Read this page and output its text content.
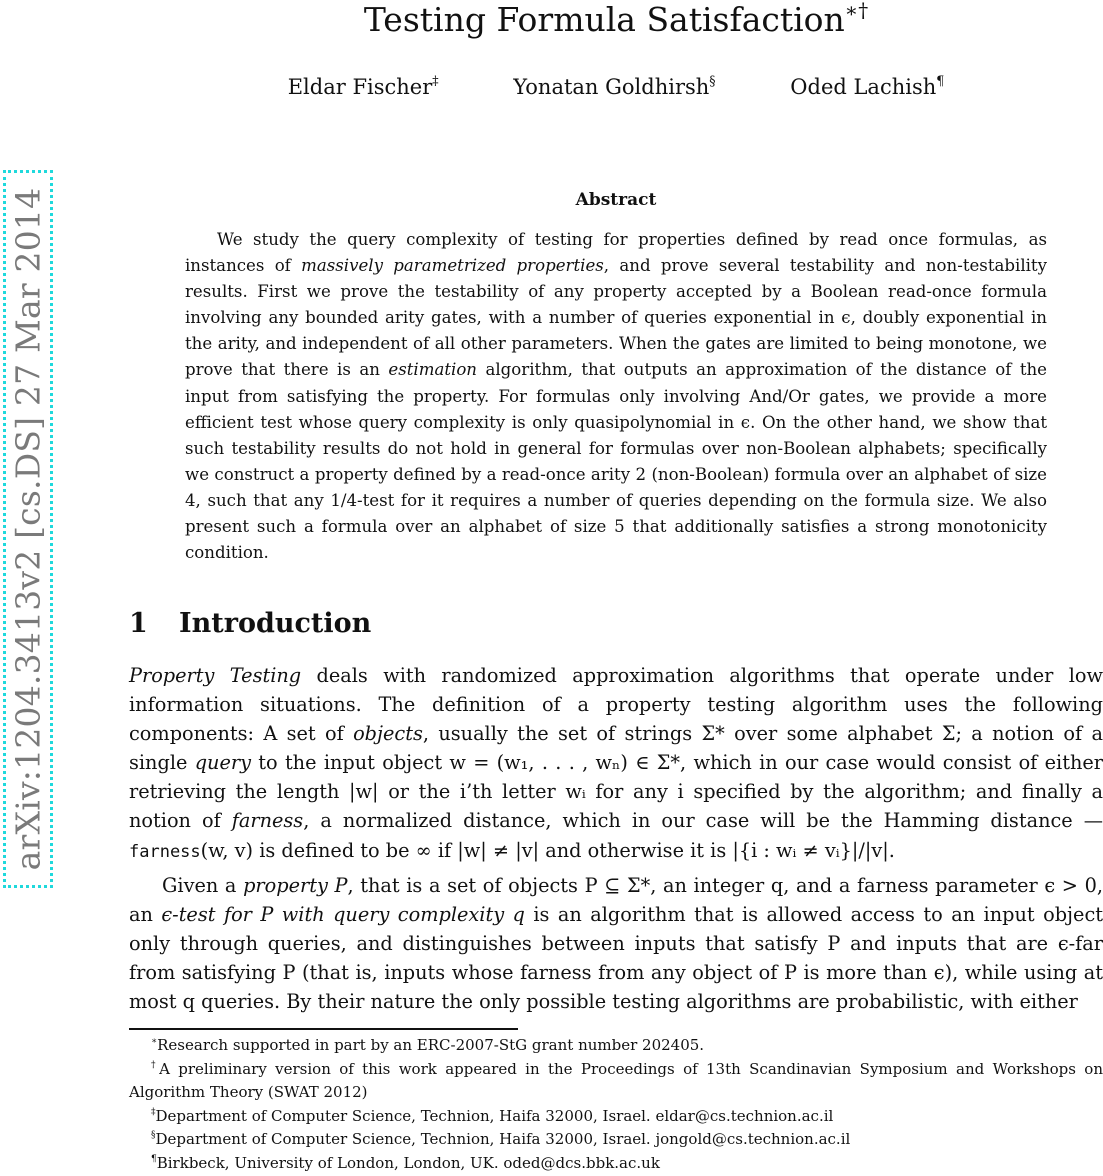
Testing Formula Satisfaction∗†
Eldar Fischer‡	Yonatan Goldhirsh§	Oded Lachish¶
arXiv:1204.3413v2 [cs.DS] 27 Mar 2014	Abstract
We study the query complexity of testing for properties defined by read once formulas, as instances of massively parametrized properties, and prove several testability and non-testability results. First we prove the testability of any property accepted by a Boolean read-once formula involving any bounded arity gates, with a number of queries exponential in ϵ, doubly exponential in the arity, and independent of all other parameters. When the gates are limited to being monotone, we prove that there is an estimation algorithm, that outputs an approximation of the distance of the input from satisfying the property. For formulas only involving And/Or gates, we provide a more efficient test whose query complexity is only quasipolynomial in ϵ. On the other hand, we show that such testability results do not hold in general for formulas over non-Boolean alphabets; specifically we construct a property defined by a read-once arity 2 (non-Boolean) formula over an alphabet of size 4, such that any 1/4-test for it requires a number of queries depending on the formula size. We also present such a formula over an alphabet of size 5 that additionally satisfies a strong monotonicity condition.
1 Introduction
Property Testing deals with randomized approximation algorithms that operate under low information situations. The definition of a property testing algorithm uses the following components: A set of objects, usually the set of strings Σ* over some alphabet Σ; a notion of a single query to the input object w = (w₁, . . . , wₙ) ∈ Σ*, which in our case would consist of either retrieving the length |w| or the i’th letter wᵢ for any i specified by the algorithm; and finally a notion of farness, a normalized distance, which in our case will be the Hamming distance — farness(w, v) is defined to be ∞ if |w| ≠ |v| and otherwise it is |{i : wᵢ ≠ vᵢ}|/|v|.
Given a property P, that is a set of objects P ⊆ Σ*, an integer q, and a farness parameter ϵ > 0, an ϵ-test for P with query complexity q is an algorithm that is allowed access to an input object only through queries, and distinguishes between inputs that satisfy P and inputs that are ϵ-far from satisfying P (that is, inputs whose farness from any object of P is more than ϵ), while using at most q queries. By their nature the only possible testing algorithms are probabilistic, with either
∗Research supported in part by an ERC-2007-StG grant number 202405.
†A preliminary version of this work appeared in the Proceedings of 13th Scandinavian Symposium and Workshops on Algorithm Theory (SWAT 2012)
‡Department of Computer Science, Technion, Haifa 32000, Israel. eldar@cs.technion.ac.il
§Department of Computer Science, Technion, Haifa 32000, Israel. jongold@cs.technion.ac.il
¶Birkbeck, University of London, London, UK. oded@dcs.bbk.ac.uk
